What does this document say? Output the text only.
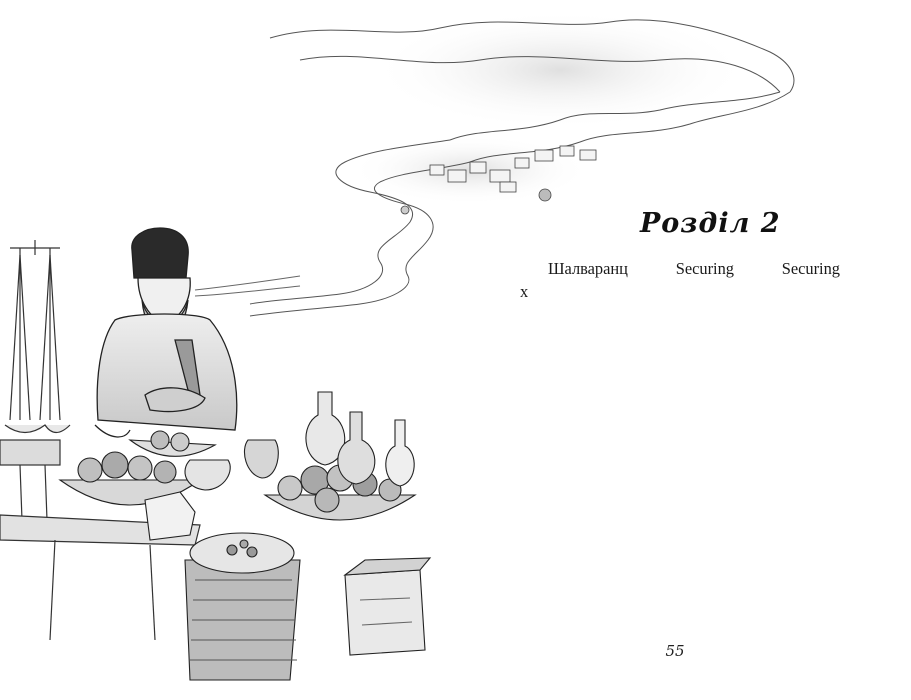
Розділ 2
Шалваранц Securing Securing
x
55
